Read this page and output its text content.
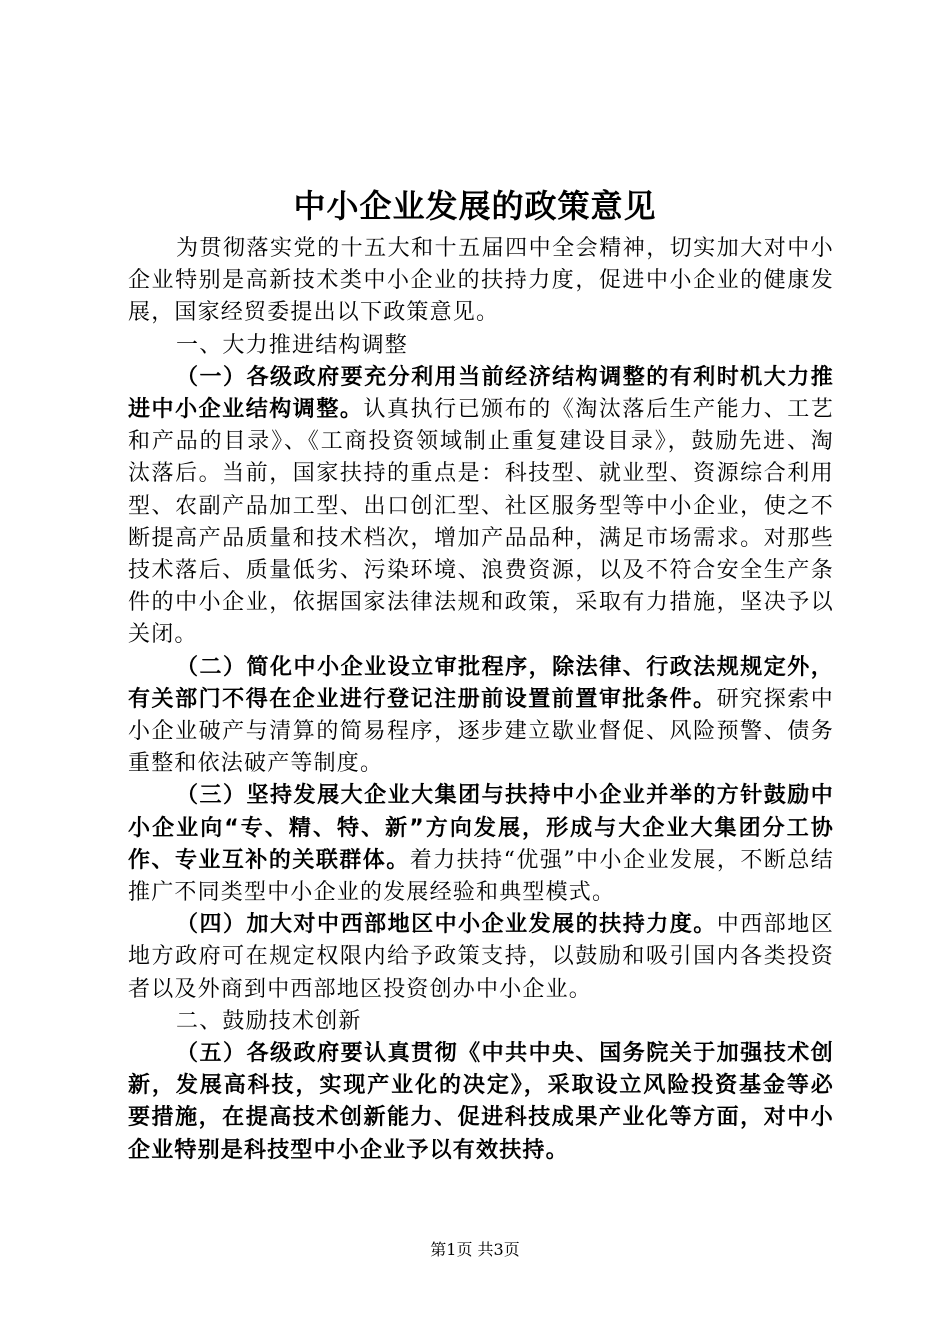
中小企业发展的政策意见

为贯彻落实党的十五大和十五届四中全会精神，切实加大对中小企业特别是高新技术类中小企业的扶持力度，促进中小企业的健康发展，国家经贸委提出以下政策意见。

一、大力推进结构调整

（一）各级政府要充分利用当前经济结构调整的有利时机大力推进中小企业结构调整。认真执行已颁布的《淘汰落后生产能力、工艺和产品的目录》、《工商投资领域制止重复建设目录》，鼓励先进、淘汰落后。当前，国家扶持的重点是：科技型、就业型、资源综合利用型、农副产品加工型、出口创汇型、社区服务型等中小企业，使之不断提高产品质量和技术档次，增加产品品种，满足市场需求。对那些技术落后、质量低劣、污染环境、浪费资源，以及不符合安全生产条件的中小企业，依据国家法律法规和政策，采取有力措施，坚决予以关闭。

（二）简化中小企业设立审批程序，除法律、行政法规规定外，有关部门不得在企业进行登记注册前设置前置审批条件。研究探索中小企业破产与清算的简易程序，逐步建立歇业督促、风险预警、债务重整和依法破产等制度。

（三）坚持发展大企业大集团与扶持中小企业并举的方针鼓励中小企业向“专、精、特、新”方向发展，形成与大企业大集团分工协作、专业互补的关联群体。着力扶持“优强”中小企业发展，不断总结推广不同类型中小企业的发展经验和典型模式。

（四）加大对中西部地区中小企业发展的扶持力度。中西部地区地方政府可在规定权限内给予政策支持，以鼓励和吸引国内各类投资者以及外商到中西部地区投资创办中小企业。

二、鼓励技术创新

（五）各级政府要认真贯彻《中共中央、国务院关于加强技术创新，发展高科技，实现产业化的决定》，采取设立风险投资基金等必要措施，在提高技术创新能力、促进科技成果产业化等方面，对中小企业特别是科技型中小企业予以有效扶持。

第1页 共3页
